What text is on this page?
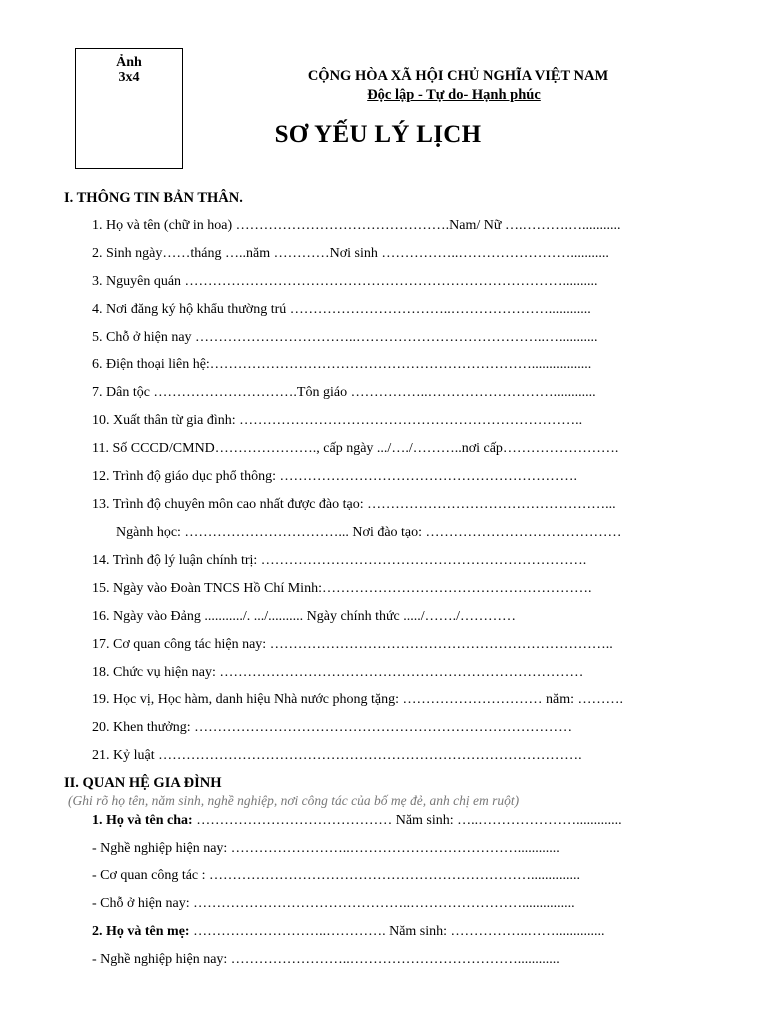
Ảnh
3x4	CỘNG HÒA XÃ HỘI CHỦ NGHĨA VIỆT NAM
Độc lập - Tự do- Hạnh phúc
SƠ YẾU LÝ LỊCH
I. THÔNG TIN BẢN THÂN.
1. Họ và tên (chữ in hoa) ……………………………………….Nam/ Nữ ….……….…...........
2. Sinh ngày……tháng …..năm …………Nơi sinh ……………..……………………...........
3. Nguyên quán ………………………………………………………………………..........
4. Nơi đăng ký hộ khẩu thường trú ……………………………..…………………............
5. Chỗ ở hiện nay ……………………………..…………………………………..…...........
6. Điện thoại liên hệ:…………………………………………………………….................
7. Dân tộc ………………………….Tôn giáo ……………..………………………............
10. Xuất thân từ gia đình: ………………………………………………………………..
11. Số CCCD/CMND…………………., cấp ngày .../…./………..nơi cấp…………………….
12. Trình độ giáo dục phổ thông: ……………………………………………………….
13. Trình độ chuyên môn cao nhất được đào tạo: ……………………………………………...
Ngành học: ……………………………... Nơi đào tạo: ……………………………………
14. Trình độ lý luận chính trị: …………………………………………………………….
15. Ngày vào Đoàn TNCS Hồ Chí Minh:………………………………………………….
16. Ngày vào Đảng .........../. .../.......... Ngày chính thức ...../……./…………
17. Cơ quan công tác hiện nay: ………………………………………………………………..
18. Chức vụ hiện nay: ……………………………………………………………………
19. Học vị, Học hàm, danh hiệu Nhà nước phong tặng: ………………………… năm: ……….
20. Khen thưởng: ………………………………………………………………………
21. Kỷ luật ……………………………………………………………………………….
II. QUAN HỆ GIA ĐÌNH
(Ghi rõ họ tên, năm sinh, nghề nghiệp, nơi công tác của bố mẹ đẻ, anh chị em ruột)
1. Họ và tên cha: …………………………………… Năm sinh: …..………………….............
- Nghề nghiệp hiện nay: ……………………..………………………………............
- Cơ quan công tác : ……………………………………………………………..............
- Chỗ ở hiện nay: ………………………………………..……………………...............
2. Họ và tên mẹ: ………………………..…………. Năm sinh: ……………..……..............
- Nghề nghiệp hiện nay: ……………………..………………………………............
